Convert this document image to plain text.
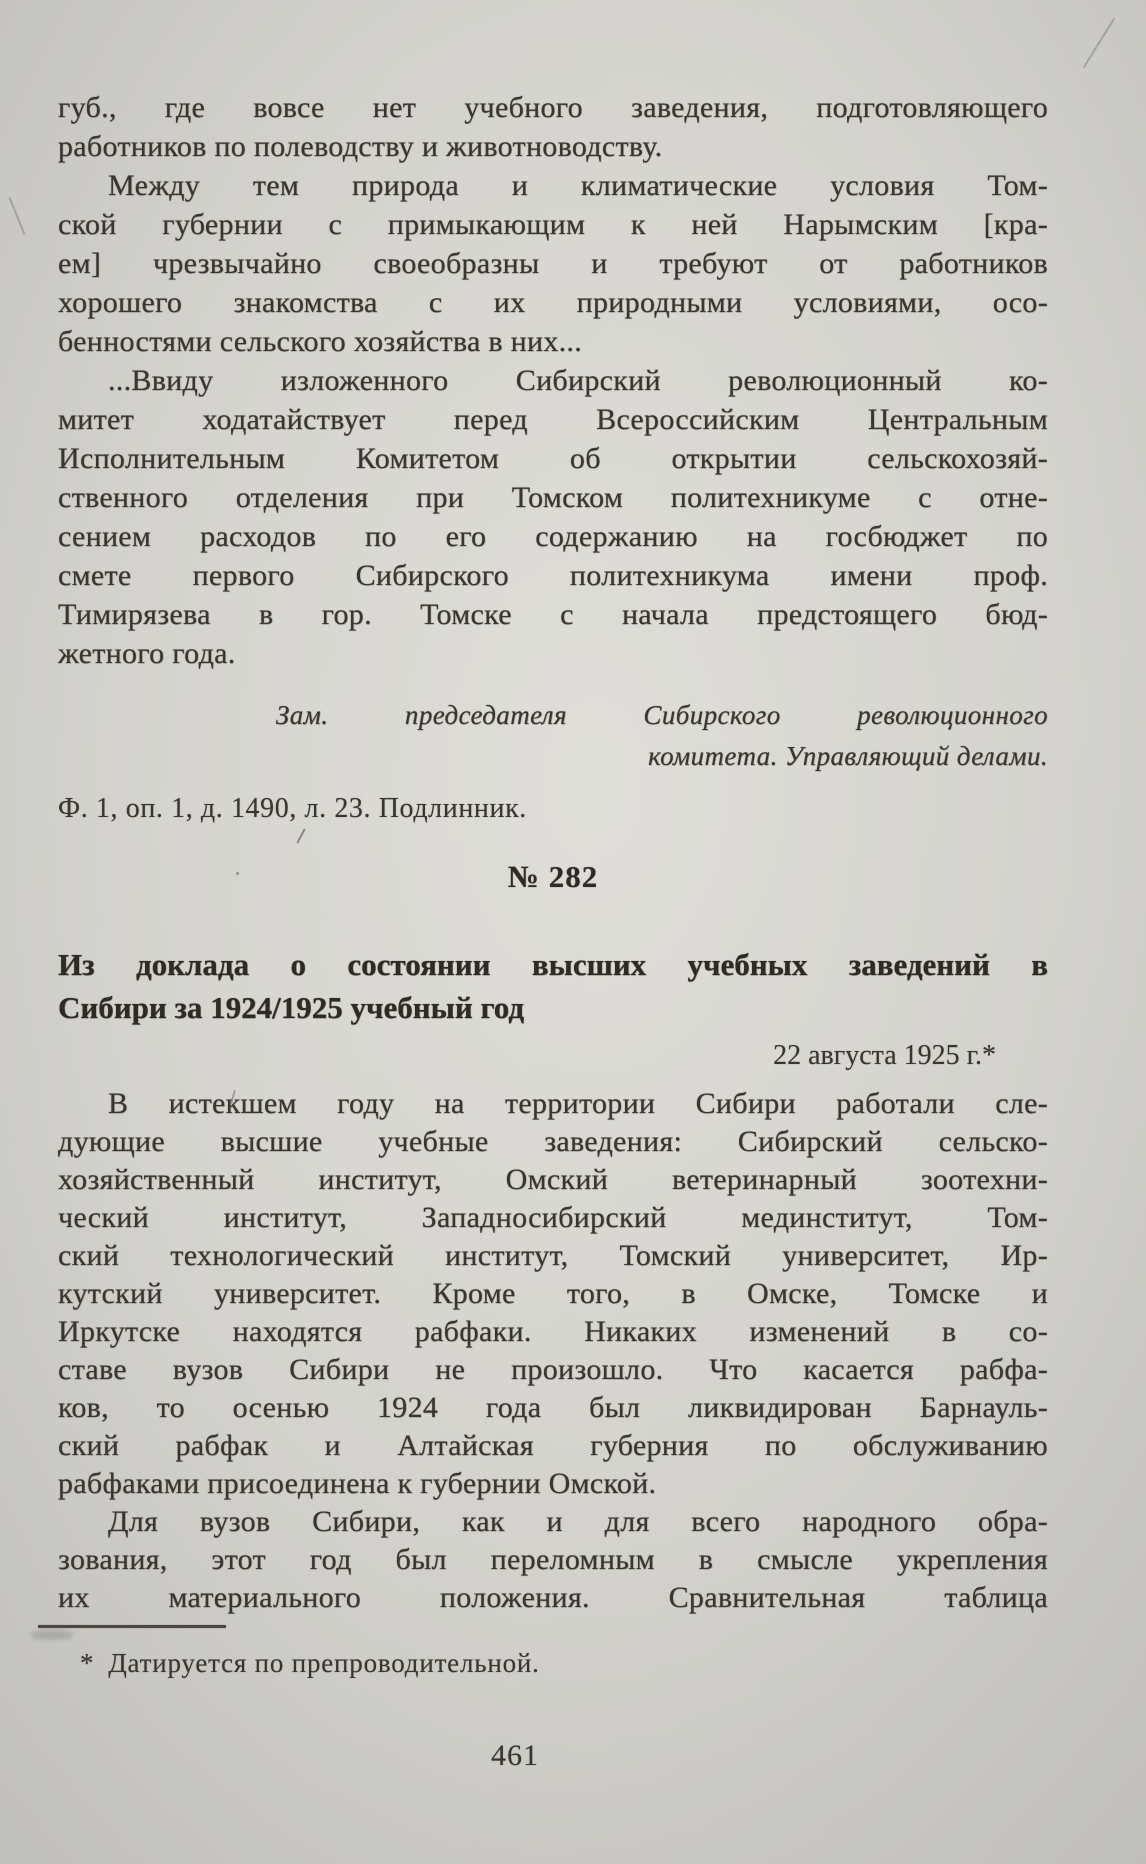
губ., где вовсе нет учебного заведения, подготовляющего
работников по полеводству и животноводству.
Между тем природа и климатические условия Том-
ской губернии с примыкающим к ней Нарымским [кра-
ем] чрезвычайно своеобразны и требуют от работников
хорошего знакомства с их природными условиями, осо-
бенностями сельского хозяйства в них...
...Ввиду изложенного Сибирский революционный ко-
митет ходатайствует перед Всероссийским Центральным
Исполнительным Комитетом об открытии сельскохозяй-
ственного отделения при Томском политехникуме с отне-
сением расходов по его содержанию на госбюджет по
смете первого Сибирского политехникума имени проф.
Тимирязева в гор. Томске с начала предстоящего бюд-
жетного года.
Зам. председателя Сибирского революционного
комитета. Управляющий делами.
Ф. 1, оп. 1, д. 1490, л. 23. Подлинник.
№ 282
Из доклада о состоянии высших учебных заведений в
Сибири за 1924/1925 учебный год
22 августа 1925 г.*
В истекшем году на территории Сибири работали сле-
дующие высшие учебные заведения: Сибирский сельско-
хозяйственный институт, Омский ветеринарный зоотехни-
ческий институт, Западносибирский мединститут, Том-
ский технологический институт, Томский университет, Ир-
кутский университет. Кроме того, в Омске, Томске и
Иркутске находятся рабфаки. Никаких изменений в со-
ставе вузов Сибири не произошло. Что касается рабфа-
ков, то осенью 1924 года был ликвидирован Барнауль-
ский рабфак и Алтайская губерния по обслуживанию
рабфаками присоединена к губернии Омской.
Для вузов Сибири, как и для всего народного обра-
зования, этот год был переломным в смысле укрепления
их материального положения. Сравнительная таблица
* Датируется по препроводительной.
461
